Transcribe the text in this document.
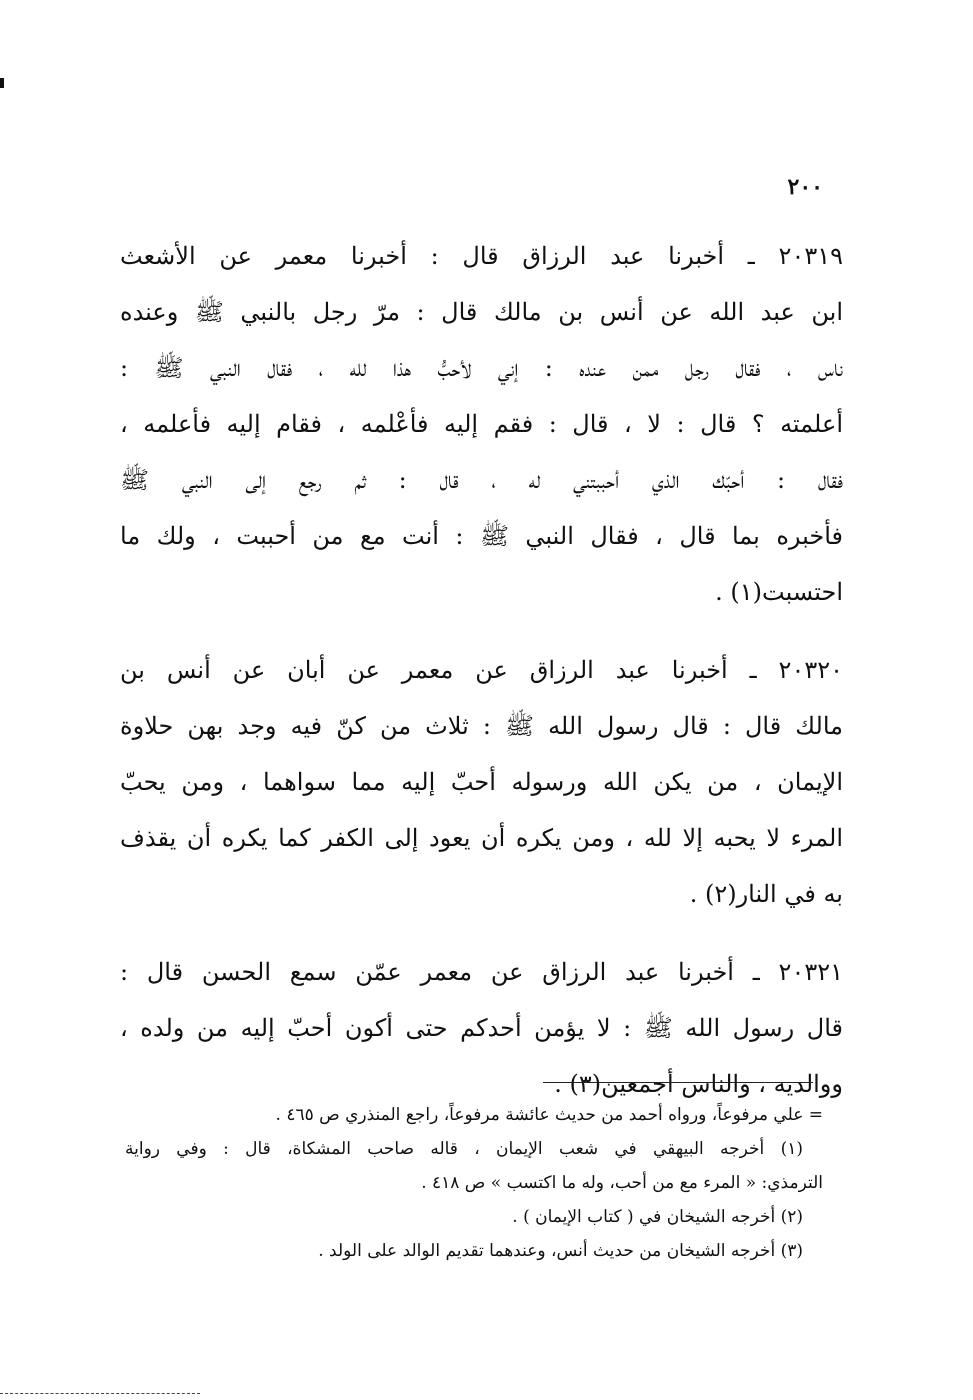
٢٠٠
٢٠٣١٩ ـ أخبرنا عبد الرزاق قال : أخبرنا معمر عن الأشعث
ابن عبد الله عن أنس بن مالك قال : مرّ رجل بالنبي ﷺ وعنده
ناس ، فقال رجل ممن عنده : إني لأحبُّ هذا لله ، فقال النبي ﷺ :
أعلمته ؟ قال : لا ، قال : فقم إليه فأعْلمه ، فقام إليه فأعلمه ،
فقال : أحبّك الذي أحببتني له ، قال : ثم رجع إلى النبي ﷺ
فأخبره بما قال ، فقال النبي ﷺ : أنت مع من أحببت ، ولك ما
احتسبت(١) .
٢٠٣٢٠ ـ أخبرنا عبد الرزاق عن معمر عن أبان عن أنس بن
مالك قال : قال رسول الله ﷺ : ثلاث من كنّ فيه وجد بهن حلاوة
الإيمان ، من يكن الله ورسوله أحبّ إليه مما سواهما ، ومن يحبّ
المرء لا يحبه إلا لله ، ومن يكره أن يعود إلى الكفر كما يكره أن يقذف
به في النار(٢) .
٢٠٣٢١ ـ أخبرنا عبد الرزاق عن معمر عمّن سمع الحسن قال :
قال رسول الله ﷺ : لا يؤمن أحدكم حتى أكون أحبّ إليه من ولده ،
ووالديه ، والناس أجمعين(٣) .
= علي مرفوعاً، ورواه أحمد من حديث عائشة مرفوعاً، راجع المنذري ص ٤٦٥ .
(١) أخرجه البيهقي في شعب الإيمان ، قاله صاحب المشكاة، قال : وفي رواية
الترمذي: « المرء مع من أحب، وله ما اكتسب » ص ٤١٨ .
(٢) أخرجه الشيخان في ( كتاب الإيمان ) .
(٣) أخرجه الشيخان من حديث أنس، وعندهما تقديم الوالد على الولد .
